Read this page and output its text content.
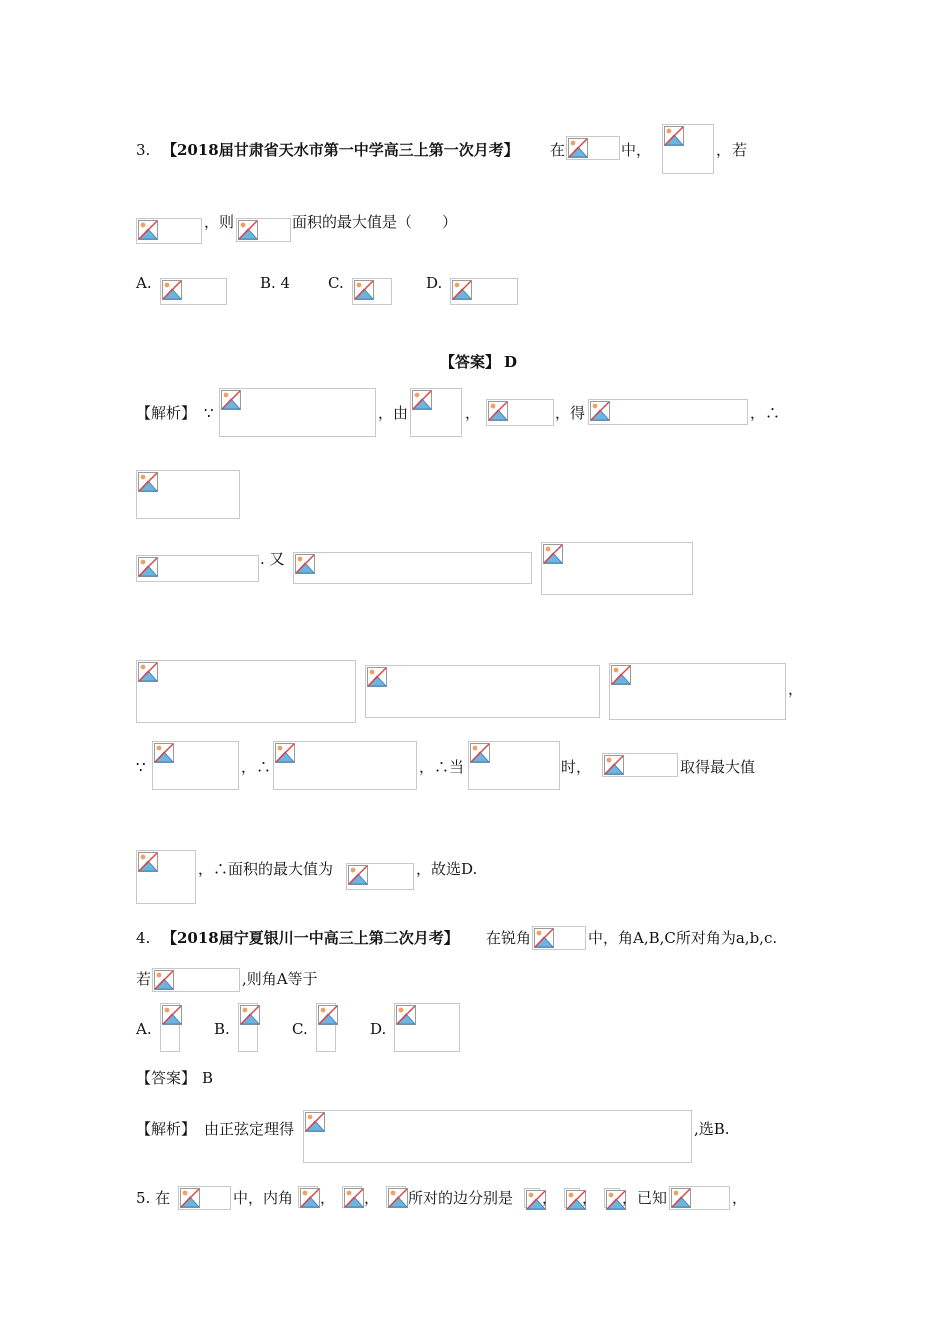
3. 【2018届甘肃省天水市第一中学高三上第一次月考】 在	中，	， 若
，则	面积的最大值是（　　）
A.	B. 4	C.	D.
【答案】 D
【解析】 ∵	，由	，	，得	，∴
. 又
，
∵	，∴	，∴当	时，	取得最大值
，∴面积的最大值为	，故选D.
4. 【2018届宁夏银川一中高三上第二次月考】 在锐角	中，角A,B,C所对角为a,b,c.
若	,则角A等于
A.	B.	C.	D.
【答案】 B
【解析】 由正弦定理得	,选B.
5. 在	中，内角 ， ， 所对的边分别是 ， ， ，已知	，
